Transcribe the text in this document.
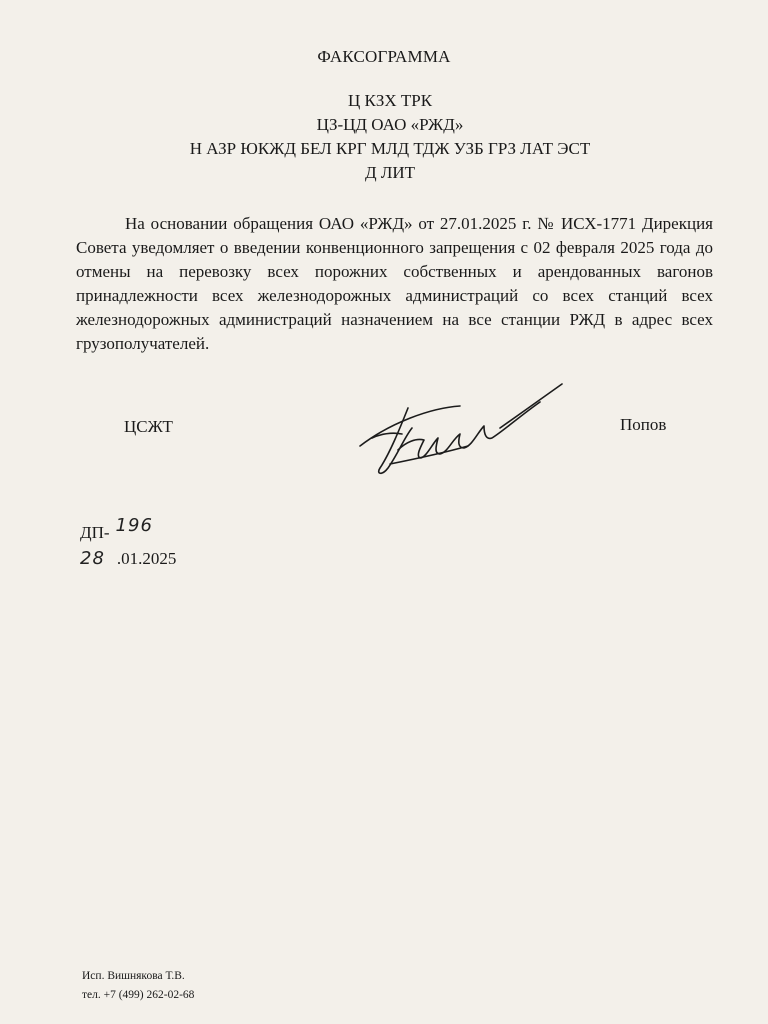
ФАКСОГРАММА
Ц КЗХ ТРК
ЦЗ-ЦД ОАО «РЖД»
Н АЗР ЮКЖД БЕЛ КРГ МЛД ТДЖ УЗБ ГРЗ ЛАТ ЭСТ
Д ЛИТ

На основании обращения ОАО «РЖД» от 27.01.2025 г. № ИСХ-1771 Дирекция Совета уведомляет о введении конвенционного запрещения с 02 февраля 2025 года до отмены на перевозку всех порожних собственных и арендованных вагонов принадлежности всех железнодорожных администраций со всех станций всех железнодорожных администраций назначением на все станции РЖД в адрес всех грузополучателей.

ЦСЖТ	Попов
ДП- 196
28 .01.2025
Исп. Вишнякова Т.В.
тел. +7 (499) 262-02-68
